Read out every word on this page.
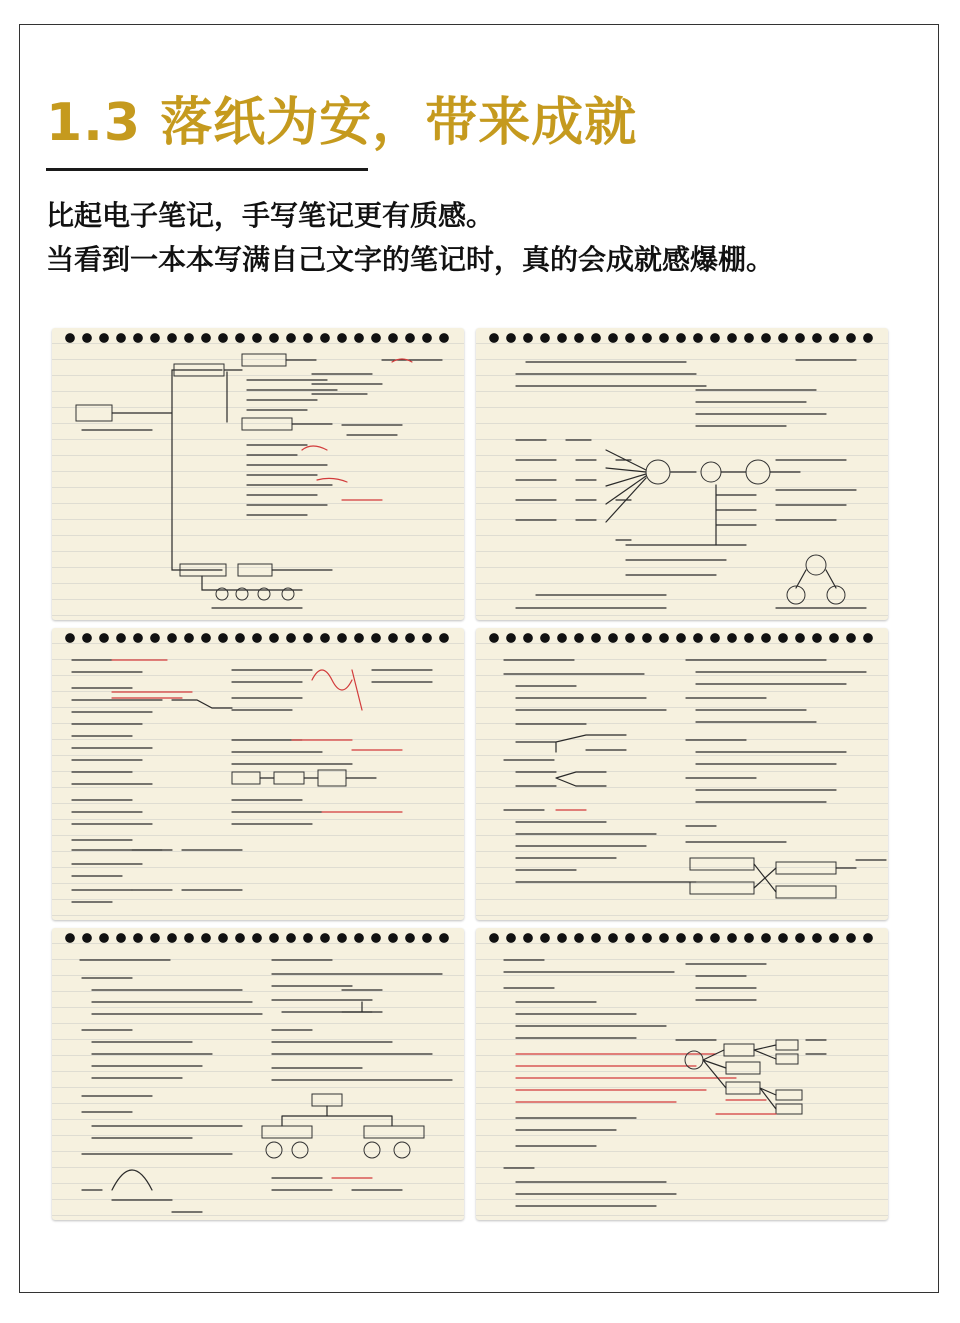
1.3 落纸为安，带来成就
比起电子笔记，手写笔记更有质感。
当看到一本本写满自己文字的笔记时，真的会成就感爆棚。
